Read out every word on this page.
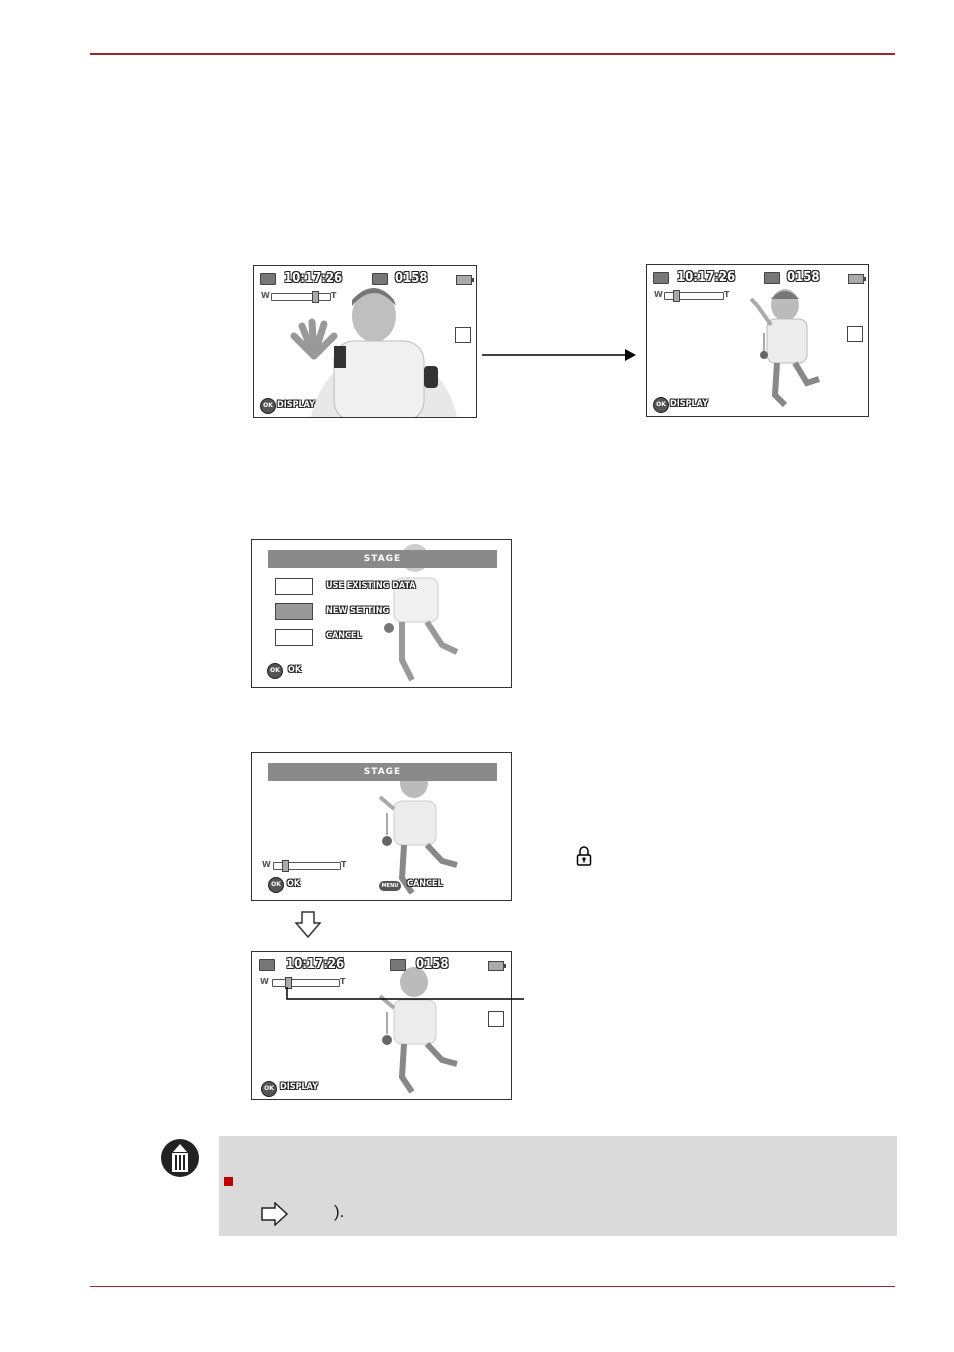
10:17:26	0158
W	T
OK DISPLAY
10:17:26	0158
W	T
OK DISPLAY
STAGE
USE EXISTING DATA
NEW SETTING
CANCEL
OK OK
STAGE
W	T
OK OK	MENU CANCEL
10:17:26	0158
W	T
OK DISPLAY
).
